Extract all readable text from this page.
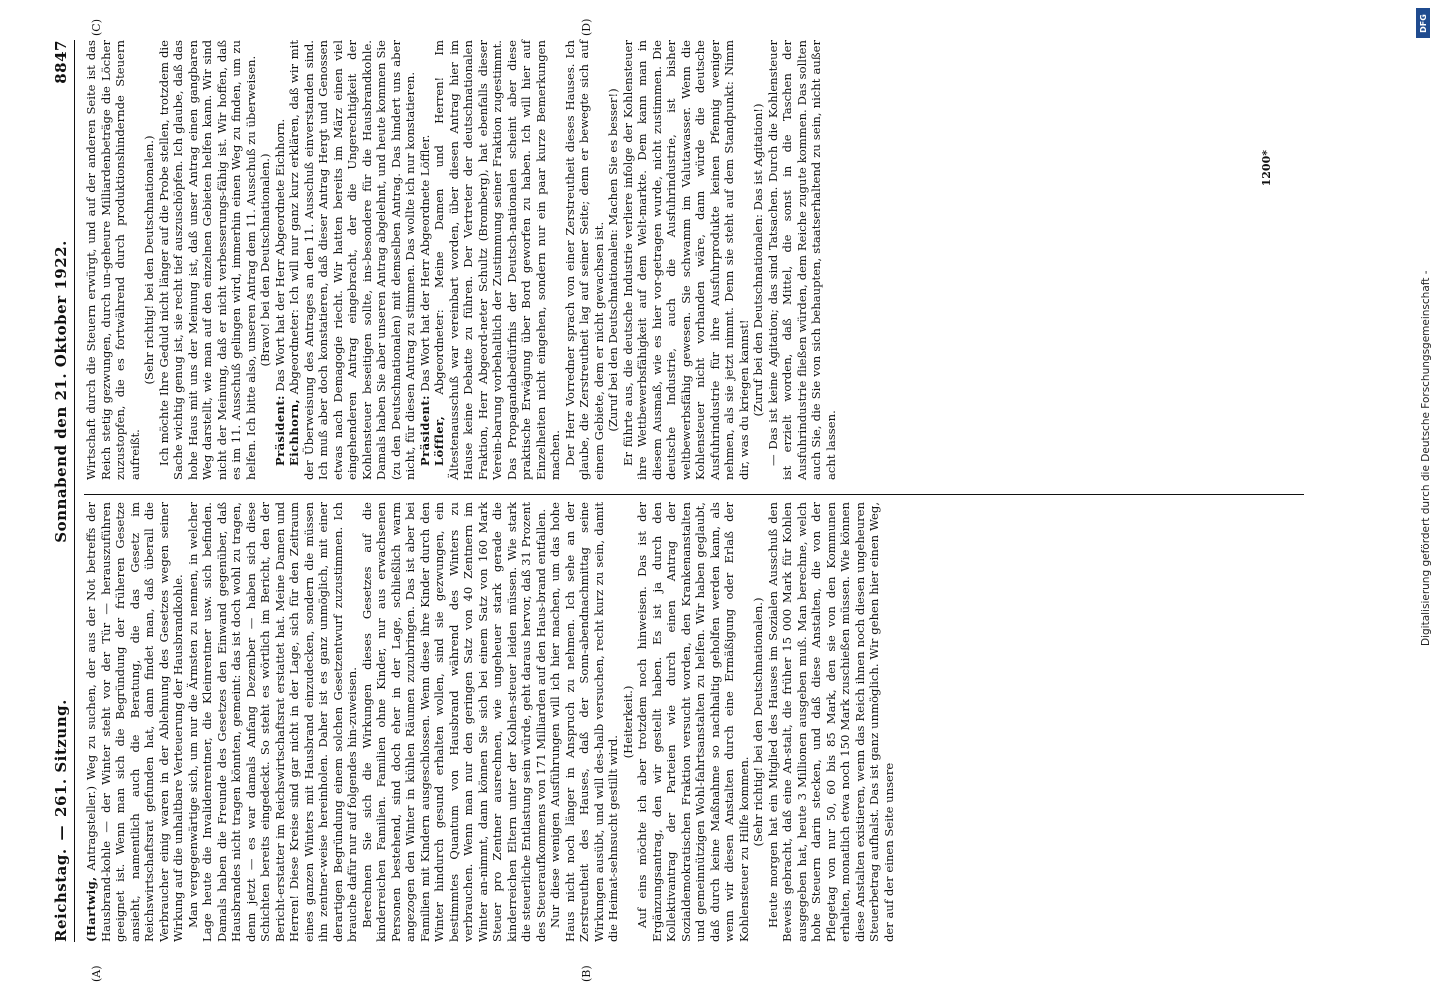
Reichstag.
—
261. Sitzung.
Sonnabend den 21. Oktober 1922.
8847
(A)	(B)
(C)	(D)

(Hartwig, Antragsteller.) Weg zu suchen, der aus der Not betreffs der Hausbrand-kohle — der Winter steht vor der Tür — herauszuführen geeignet ist. Wenn man sich die Begründung der früheren Gesetze ansieht, namentlich auch die Beratung, die das Gesetz im Reichswirtschaftsrat gefunden hat, dann findet man, daß überall die Verbraucher einig waren in der Ablehnung des Gesetzes wegen seiner Wirkung auf die unhaltbare Verteuerung der Hausbrandkohle. Man vergegenwärtige sich, um nur die Ärmsten zu nennen, in welcher Lage heute die Invalidenrentner, die Kleinrentner usw. sich befinden. Damals haben die Freunde des Gesetzes den Einwand gegenüber, daß Hausbrandes nicht tragen könnten, gemeint: das ist doch wohl zu tragen, denn jetzt — es war damals Anfang Dezember — haben sich diese Schichten bereits eingedeckt. So steht es wörtlich im Bericht, den der Bericht-erstatter im Reichswirtschaftsrat erstattet hat. Meine Damen und Herren! Diese Kreise sind gar nicht in der Lage, sich für den Zeitraum eines ganzen Winters mit Hausbrand einzudecken, sondern die müssen ihn zentner-weise hereinholen. Daher ist es ganz unmöglich, mit einer derartigen Begründung einem solchen Gesetzentwurf zuzustimmen. Ich brauche dafür nur auf folgendes hin-zuweisen. Berechnen Sie sich die Wirkungen dieses Gesetzes auf die kinderreichen Familien. Familien ohne Kinder, nur aus erwachsenen Personen bestehend, sind doch eher in der Lage, schließlich warm angezogen den Winter in kühlen Räumen zuzubringen. Das ist aber bei Familien mit Kindern ausgeschlossen. Wenn diese ihre Kinder durch den Winter hindurch gesund erhalten wollen, sind sie gezwungen, ein bestimmtes Quantum von Hausbrand während des Winters zu verbrauchen. Wenn man nur den geringen Satz von 40 Zentnern im Winter an-nimmt, dann können Sie sich bei einem Satz von 160 Mark Steuer pro Zentner ausrechnen, wie ungeheuer stark gerade die kinderreichen Eltern unter der Kohlen-steuer leiden müssen. Wie stark die steuerliche Entlastung sein würde, geht daraus hervor, daß 31 Prozent des Steueraufkommens von 171 Milliarden auf den Haus-brand entfallen. Nur diese wenigen Ausführungen will ich hier machen, um das hohe Haus nicht noch länger in Anspruch zu nehmen. Ich sehe an der Zerstreutheit des Hauses, daß der Sonn-abendnachmittag seine Wirkungen ausübt, und will des-halb versuchen, recht kurz zu sein, damit die Heimat-sehnsucht gestillt wird.

(Heiterkeit.) Auf eins möchte ich aber trotzdem noch hinweisen. Das ist der Ergänzungsantrag, den wir gestellt haben. Es ist ja durch den Kollektivantrag der Parteien wie durch einen Antrag der Sozialdemokratischen Fraktion versucht worden, den Krankenanstalten und gemeinnützigen Wohl-fahrtsanstalten zu helfen. Wir haben geglaubt, daß durch keine Maßnahme so nachhaltig geholfen werden kann, als wenn wir diesen Anstalten durch eine Ermäßigung oder Erlaß der Kohlensteuer zu Hilfe kommen.

(Sehr richtig! bei den Deutschnationalen.) Heute morgen hat ein Mitglied des Hauses im Sozialen Ausschuß den Beweis gebracht, daß eine An-stalt, die früher 15 000 Mark für Kohlen ausgegeben hat, heute 3 Millionen ausgeben muß. Man berechne, welch hohe Steuern darin stecken, und daß diese Anstalten, die von der Pflegetag von nur 50, 60 bis 85 Mark, den sie von den Kommunen erhalten, monatlich etwa noch 150 Mark zuschießen müssen. Wie können diese Anstalten existieren, wenn das Reich ihnen noch diesen ungeheuren Steuerbetrag aufhalst. Das ist ganz unmöglich. Wir gehen hier einen Weg, der auf der einen Seite unsere

Wirtschaft durch die Steuern erwürgt, und auf der anderen Seite ist das Reich stetig gezwungen, durch un-geheure Milliardenbeträge die Löcher zuzustopfen, die es fortwährend durch produktionshindernde Steuern aufreißt.

(Sehr richtig! bei den Deutschnationalen.) Ich möchte Ihre Geduld nicht länger auf die Probe stellen, trotzdem die Sache wichtig genug ist, sie recht tief auszuschöpfen. Ich glaube, daß das hohe Haus mit uns der Meinung ist, daß unser Antrag einen gangbaren Weg darstellt, wie man auf den einzelnen Gebieten helfen kann. Wir sind nicht der Meinung, daß er nicht verbesserungs-fähig ist. Wir hoffen, daß es im 11. Ausschuß gelingen wird, immerhin einen Weg zu finden, um zu helfen. Ich bitte also, unseren Antrag dem 11. Ausschuß zu überweisen. (Bravo! bei den Deutschnationalen.)

Präsident: Das Wort hat der Herr Abgeordnete Eichhorn.

Eichhorn, Abgeordneter: Ich will nur ganz kurz erklären, daß wir mit der Überweisung des Antrages an den 11. Ausschuß einverstanden sind. Ich muß aber doch konstatieren, daß dieser Antrag Hergt und Genossen etwas nach Demagogie riecht. Wir hatten bereits im März einen viel eingehenderen Antrag eingebracht, der die Ungerechtigkeit der Kohlensteuer beseitigen sollte, ins-besondere für die Hausbrandkohle. Damals haben Sie aber unseren Antrag abgelehnt, und heute kommen Sie (zu den Deutschnationalen) mit demselben Antrag. Das hindert uns aber nicht, für diesen Antrag zu stimmen. Das wollte ich nur konstatieren. Präsident: Das Wort hat der Herr Abgeordnete Löffler.

Löffler, Abgeordneter: Meine Damen und Herren! Im Ältestenausschuß war vereinbart worden, über diesen Antrag hier im Hause keine Debatte zu führen. Der Vertreter der deutschnationalen Fraktion, Herr Abgeord-neter Schultz (Bromberg), hat ebenfalls dieser Verein-barung vorbehaltlich der Zustimmung seiner Fraktion zugestimmt. Das Propagandabedürfnis der Deutsch-nationalen scheint aber diese praktische Erwägung über Bord geworfen zu haben. Ich will hier auf Einzelheiten nicht eingehen, sondern nur ein paar kurze Bemerkungen machen. Der Herr Vorredner sprach von einer Zerstreutheit dieses Hauses. Ich glaube, die Zerstreutheit lag auf seiner Seite; denn er bewegte sich auf einem Gebiete, dem er nicht gewachsen ist. (Zuruf bei den Deutschnationalen: Machen Sie es besser!) Er führte aus, die deutsche Industrie verliere infolge der Kohlensteuer ihre Wettbewerbsfähigkeit auf dem Welt-markte. Dem kann man in diesem Ausmaß, wie es hier vor-getragen wurde, nicht zustimmen. Die deutsche Industrie, auch die Ausfuhrindustrie, ist bisher weltbewerbsfähig gewesen. Sie schwamm im Valutawasser. Wenn die Kohlensteuer nicht vorhanden wäre, dann würde die deutsche Ausfuhrindustrie für ihre Ausfuhrprodukte keinen Pfennig weniger nehmen, als sie jetzt nimmt. Denn sie steht auf dem Standpunkt: Nimm dir, was du kriegen kannst! (Zuruf bei den Deutschnationalen: Das ist Agitation!) — Das ist keine Agitation; das sind Tatsachen. Durch die Kohlensteuer ist erzielt worden, daß Mittel, die sonst in die Taschen der Ausfuhrindustrie fließen würden, dem Reiche zugute kommen. Das sollten auch Sie, die Sie von sich behaupten, staatserhaltend zu sein, nicht außer acht lassen.

1200*
Digitalisierung gefördert durch die Deutsche Forschungsgemeinschaft -
DFG
